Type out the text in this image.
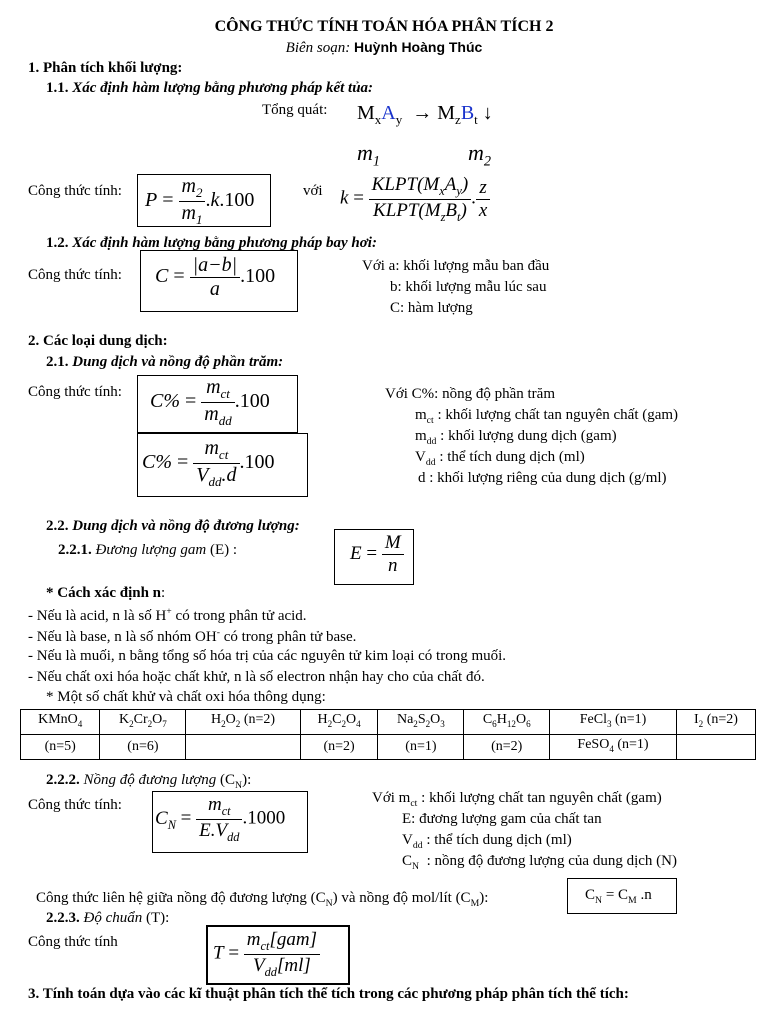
CÔNG THỨC TÍNH TOÁN HÓA PHÂN TÍCH 2
Biên soạn: Huỳnh Hoàng Thúc
1. Phân tích khối lượng:
1.1. Xác định hàm lượng bằng phương pháp kết tủa:
Tổng quát: $M_xA_y \to M_zB_t$ ↓
$m_1$	$m_2$
Công thức tính: $P = \frac{m_2}{m_1} .k.100$	với $k = \frac{KLPT(M_xA_y)}{KLPT(M_zB_t)}$ . $\frac{z}{x}$
1.2. Xác định hàm lượng bằng phương pháp bay hơi:
Công thức tính: $C = \frac{|a-b|}{a} .100$	Với a: khối lượng mẫu ban đầu
b: khối lượng mẫu lúc sau
C: hàm lượng
2. Các loại dung dịch:
2.1. Dung dịch và nồng độ phần trăm:
Công thức tính: $C\% = \frac{m_{ct}}{m_{dd}} .100$
$C\% = \frac{m_{ct}}{V_{dd}.d} .100$
Với C%: nồng độ phần trăm
$m_{ct}$ : khối lượng chất tan nguyên chất (gam)
$m_{dd}$ : khối lượng dung dịch (gam)
$V_{dd}$ : thể tích dung dịch (ml)
d : khối lượng riêng của dung dịch (g/ml)
2.2. Dung dịch và nồng độ đương lượng:
2.2.1. Đương lượng gam (E) :	$E = \frac{M}{n}$
* Cách xác định n:
- Nếu là acid, n là số H+ có trong phân tử acid.
- Nếu là base, n là số nhóm OH- có trong phân tử base.
- Nếu là muối, n bằng tổng số hóa trị của các nguyên tử kim loại có trong muối.
- Nếu chất oxi hóa hoặc chất khử, n là số electron nhận hay cho của chất đó.
* Một số chất khử và chất oxi hóa thông dụng:
KMnO$_4$	$K_2Cr_2O_7$	$H_2O_2$ (n=2)	$H_2C_2O_4$	$Na_2S_2O_3$	$C_6H_{12}O_6$	FeCl$_3$ (n=1)	$I_2$ (n=2)
(n=5)	(n=6)		(n=2)	(n=1)	(n=2)	FeSO$_4$ (n=1)	
2.2.2. Nồng độ đương lượng $(C_N)$:
Công thức tính:
$C_N = \frac{m_{ct}}{E.V_{dd}} .1000$
Với $m_{ct}$ : khối lượng chất tan nguyên chất (gam)
E: đương lượng gam của chất tan
$V_{dd}$ : thể tích dung dịch (ml)
$C_N$  : nồng độ đương lượng của dung dịch (N)
Công thức liên hệ giữa nồng độ đương lượng $(C_N)$ và nồng độ mol/lít $(C_M)$:	$C_N = C_M$ .n
2.2.3. Độ chuẩn (T):
Công thức tính
$T = \frac{m_{ct}[gam]}{V_{dd}[ml]}$
3. Tính toán dựa vào các kĩ thuật phân tích thể tích trong các phương pháp phân tích thể tích:
